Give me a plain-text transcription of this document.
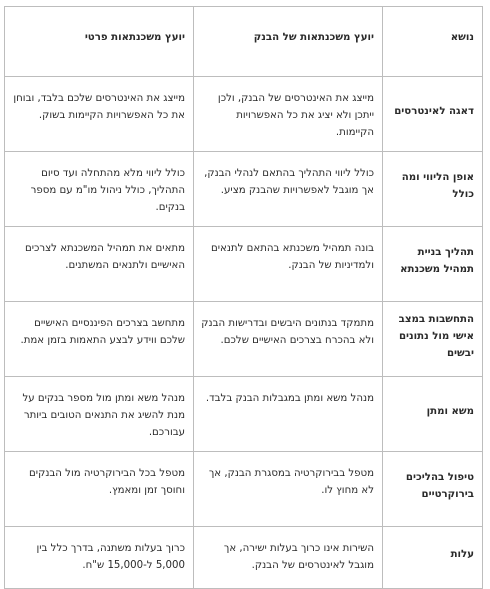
נושא	יועץ משכנתאות של הבנק	יועץ משכנתאות פרטי
דאגה לאינטרסים	מייצג את האינטרסים של הבנק, ולכן ייתכן ולא יציג את כל האפשרויות הקיימות.	מייצג את האינטרסים שלכם בלבד, ובוחן את כל האפשרויות הקיימות בשוק.
אופן הליווי ומה כולל	כולל ליווי התהליך בהתאם לנהלי הבנק, אך מוגבל לאפשרויות שהבנק מציע.	כולל ליווי מלא מהתחלה ועד סיום התהליך, כולל ניהול מו"מ עם מספר בנקים.
תהליך בניית תמהיל משכנתא	בונה תמהיל משכנתא בהתאם לתנאים ולמדיניות של הבנק.	מתאים את תמהיל המשכנתא לצרכים האישיים ולתנאים המשתנים.
התחשבות במצב אישי מול נתונים יבשים	מתמקד בנתונים היבשים ובדרישות הבנק ולא בהכרח בצרכים האישיים שלכם.	מתחשב בצרכים הפיננסיים האישיים שלכם ווידע לבצע התאמות בזמן אמת.
משא ומתן	מנהל משא ומתן במגבלות הבנק בלבד.	מנהל משא ומתן מול מספר בנקים על מנת להשיג את התנאים הטובים ביותר עבורכם.
טיפול בהליכים בירוקרטיים	מטפל בבירוקרטיה במסגרת הבנק, אך לא מחוץ לו.	מטפל בכל הבירוקרטיה מול הבנקים וחוסך זמן ומאמץ.
עלות	השירות אינו כרוך בעלות ישירה, אך מוגבל לאינטרסים של הבנק.	כרוך בעלות משתנה, בדרך כלל בין 5,000 ל-15,000 ש"ח.
